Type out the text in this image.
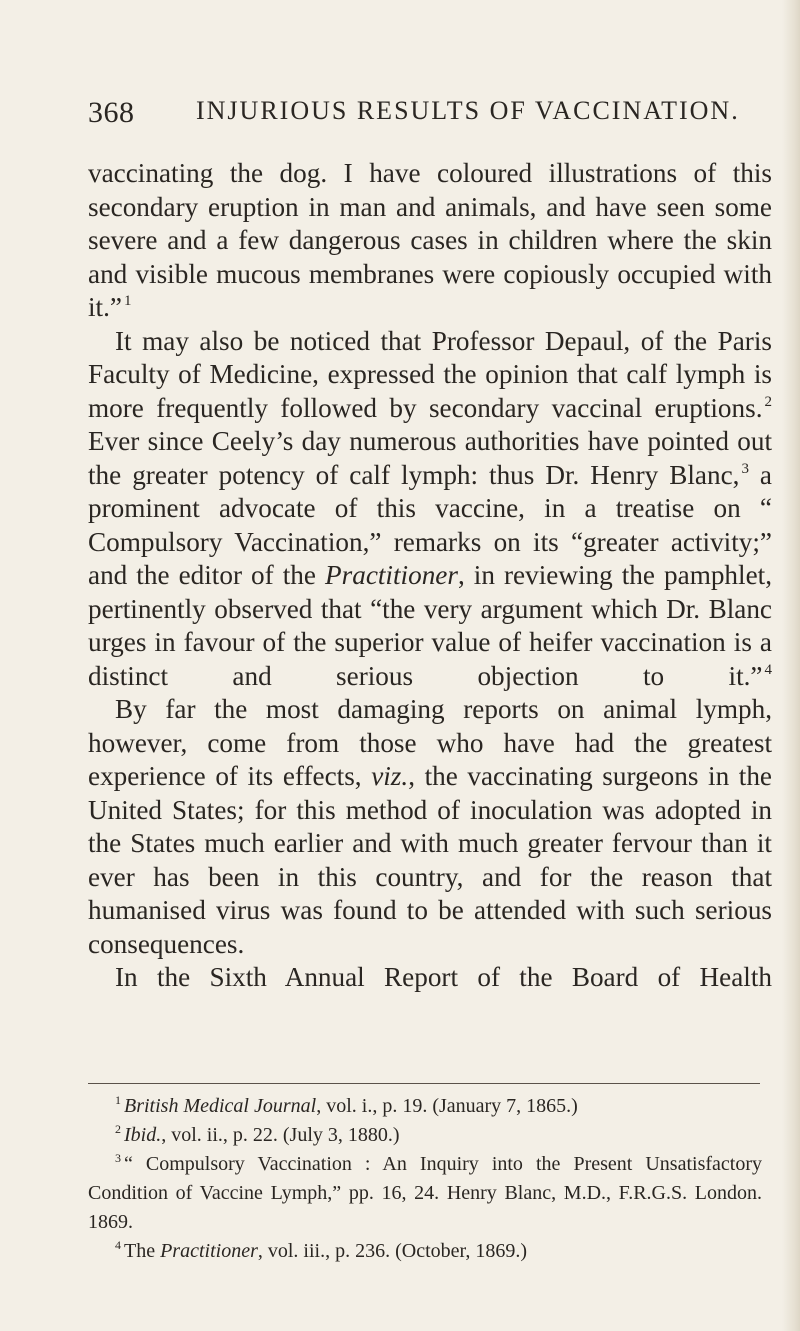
368 INJURIOUS RESULTS OF VACCINATION.

vaccinating the dog. I have coloured illustrations of this secondary eruption in man and animals, and have seen some severe and a few dangerous cases in children where the skin and visible mucous membranes were copiously occupied with it.” $^1$

It may also be noticed that Professor Depaul, of the Paris Faculty of Medicine, expressed the opinion that calf lymph is more frequently followed by secondary vaccinal eruptions. $^2$ Ever since Ceely’s day numerous authorities have pointed out the greater potency of calf lymph: thus Dr. Henry Blanc, $^3$ a prominent advocate of this vaccine, in a treatise on “ Compulsory Vaccination,” remarks on its “greater activity;” and the editor of the Practitioner, in reviewing the pamphlet, pertinently observed that “the very argument which Dr. Blanc urges in favour of the superior value of heifer vaccination is a distinct and serious objection to it.” $^4$

By far the most damaging reports on animal lymph, however, come from those who have had the greatest experience of its effects, viz., the vaccinating surgeons in the United States; for this method of inoculation was adopted in the States much earlier and with much greater fervour than it ever has been in this country, and for the reason that humanised virus was found to be attended with such serious consequences.

In the Sixth Annual Report of the Board of Health

$^1$ British Medical Journal, vol. i., p. 19. (January 7, 1865.)

$^2$ Ibid., vol. ii., p. 22. (July 3, 1880.)

$^3$ “ Compulsory Vaccination : An Inquiry into the Present Unsatisfactory Condition of Vaccine Lymph,” pp. 16, 24. Henry Blanc, M.D., F.R.G.S. London. 1869.

$^4$ The Practitioner, vol. iii., p. 236. (October, 1869.)
